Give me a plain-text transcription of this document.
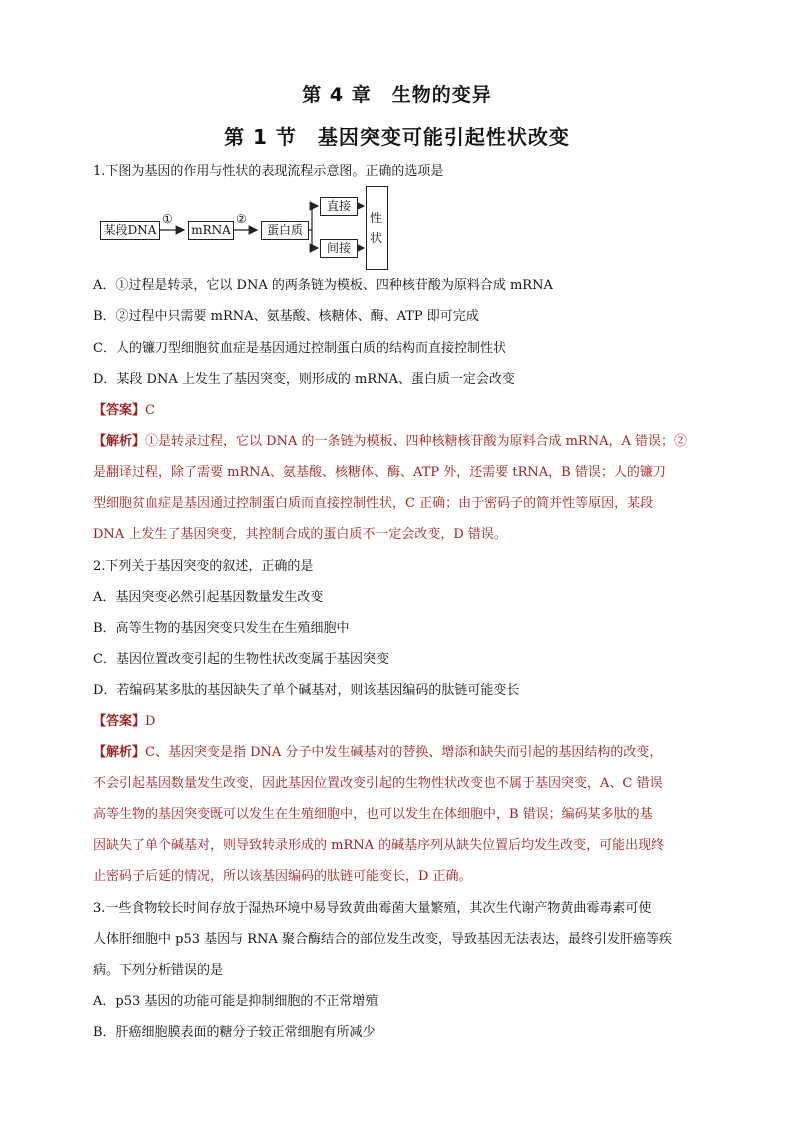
第 4 章　生物的变异
第 1 节　基因突变可能引起性状改变
1.下图为基因的作用与性状的表现流程示意图。正确的选项是
某段DNA
①
mRNA
②
蛋白质
直接
间接
性
状
A．①过程是转录，它以 DNA 的两条链为模板、四种核苷酸为原料合成 mRNA
B．②过程中只需要 mRNA、氨基酸、核糖体、酶、ATP 即可完成
C．人的镰刀型细胞贫血症是基因通过控制蛋白质的结构而直接控制性状
D．某段 DNA 上发生了基因突变，则形成的 mRNA、蛋白质一定会改变
【答案】C
【解析】①是转录过程，它以 DNA 的一条链为模板、四种核糖核苷酸为原料合成 mRNA，A 错误；②
是翻译过程，除了需要 mRNA、氨基酸、核糖体、酶、ATP 外，还需要 tRNA，B 错误；人的镰刀
型细胞贫血症是基因通过控制蛋白质而直接控制性状，C 正确；由于密码子的简并性等原因，某段
DNA 上发生了基因突变，其控制合成的蛋白质不一定会改变，D 错误。
2.下列关于基因突变的叙述，正确的是
A．基因突变必然引起基因数量发生改变
B．高等生物的基因突变只发生在生殖细胞中
C．基因位置改变引起的生物性状改变属于基因突变
D．若编码某多肽的基因缺失了单个碱基对，则该基因编码的肽链可能变长
【答案】D
【解析】C、基因突变是指 DNA 分子中发生碱基对的替换、增添和缺失而引起的基因结构的改变，
不会引起基因数量发生改变，因此基因位置改变引起的生物性状改变也不属于基因突变，A、C 错误
高等生物的基因突变既可以发生在生殖细胞中，也可以发生在体细胞中，B 错误；编码某多肽的基
因缺失了单个碱基对，则导致转录形成的 mRNA 的碱基序列从缺失位置后均发生改变，可能出现终
止密码子后延的情况，所以该基因编码的肽链可能变长，D 正确。
3.一些食物较长时间存放于湿热环境中易导致黄曲霉菌大量繁殖，其次生代谢产物黄曲霉毒素可使
人体肝细胞中 p53 基因与 RNA 聚合酶结合的部位发生改变，导致基因无法表达，最终引发肝癌等疾
病。下列分析错误的是
A．p53 基因的功能可能是抑制细胞的不正常增殖
B．肝癌细胞膜表面的糖分子较正常细胞有所减少
